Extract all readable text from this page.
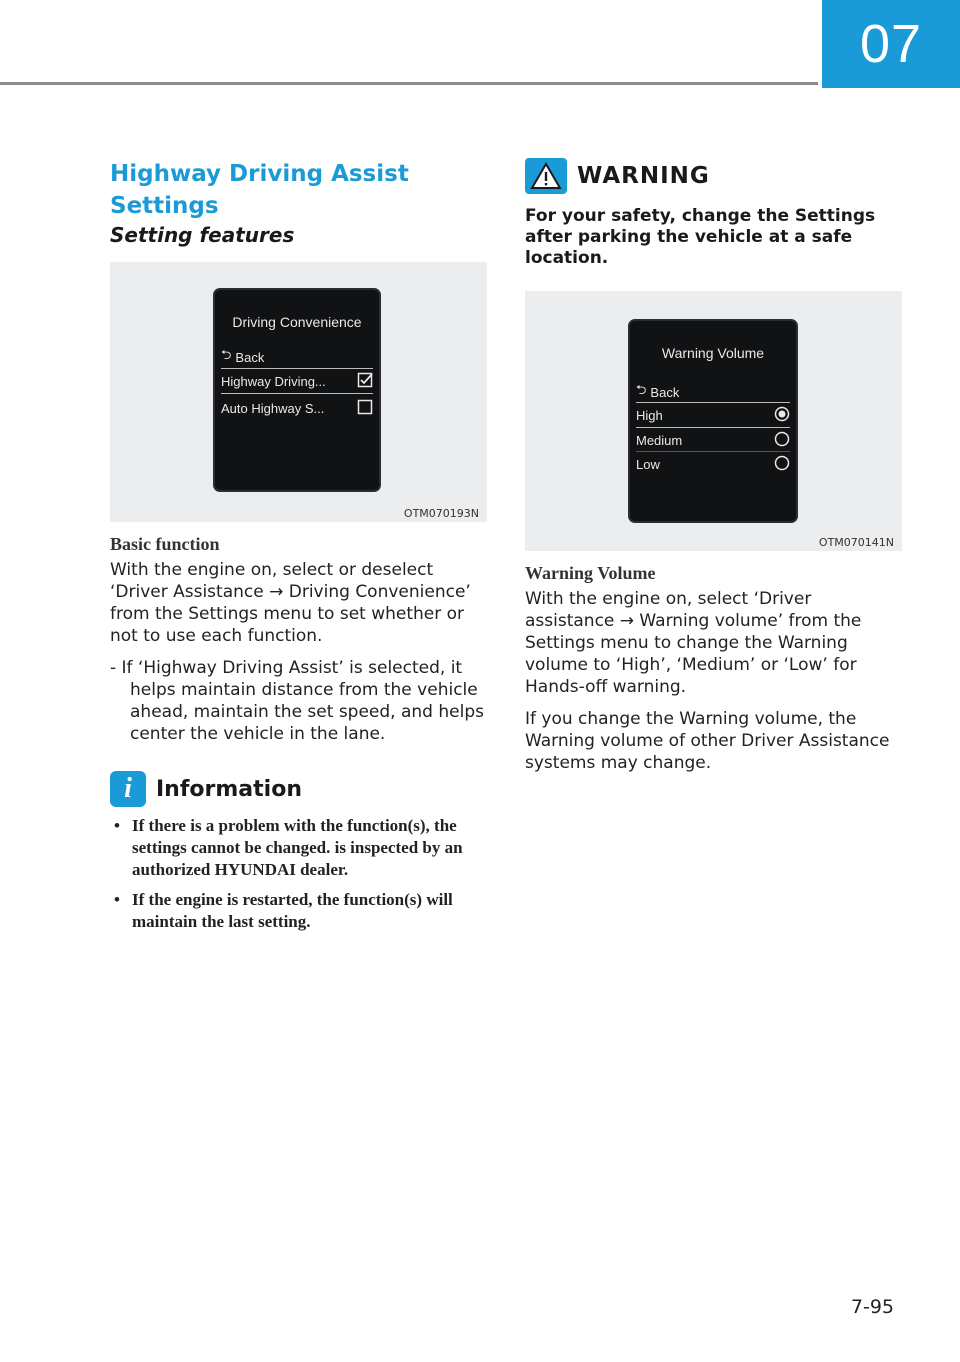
07
Highway Driving Assist Settings
Setting features
Driving Convenience
⮌ Back
Highway Driving...
Auto Highway S...
OTM070193N
Basic function

With the engine on, select or deselect ‘Driver Assistance → Driving Convenience’ from the Settings menu to set whether or not to use each function.

- If ‘Highway Driving Assist’ is selected, it helps maintain distance from the vehicle ahead, maintain the set speed, and helps center the vehicle in the lane.

i	Information
• If there is a problem with the function(s), the settings cannot be changed. is inspected by an authorized HYUNDAI dealer.
• If the engine is restarted, the function(s) will maintain the last setting.
WARNING

For your safety, change the Settings after parking the vehicle at a safe location.

Warning Volume
⮌ Back
High
Medium
Low
OTM070141N
Warning Volume

With the engine on, select ‘Driver assistance → Warning volume’ from the Settings menu to change the Warning volume to ‘High’, ‘Medium’ or ‘Low’ for Hands-off warning.

If you change the Warning volume, the Warning volume of other Driver Assistance systems may change.

7-95
